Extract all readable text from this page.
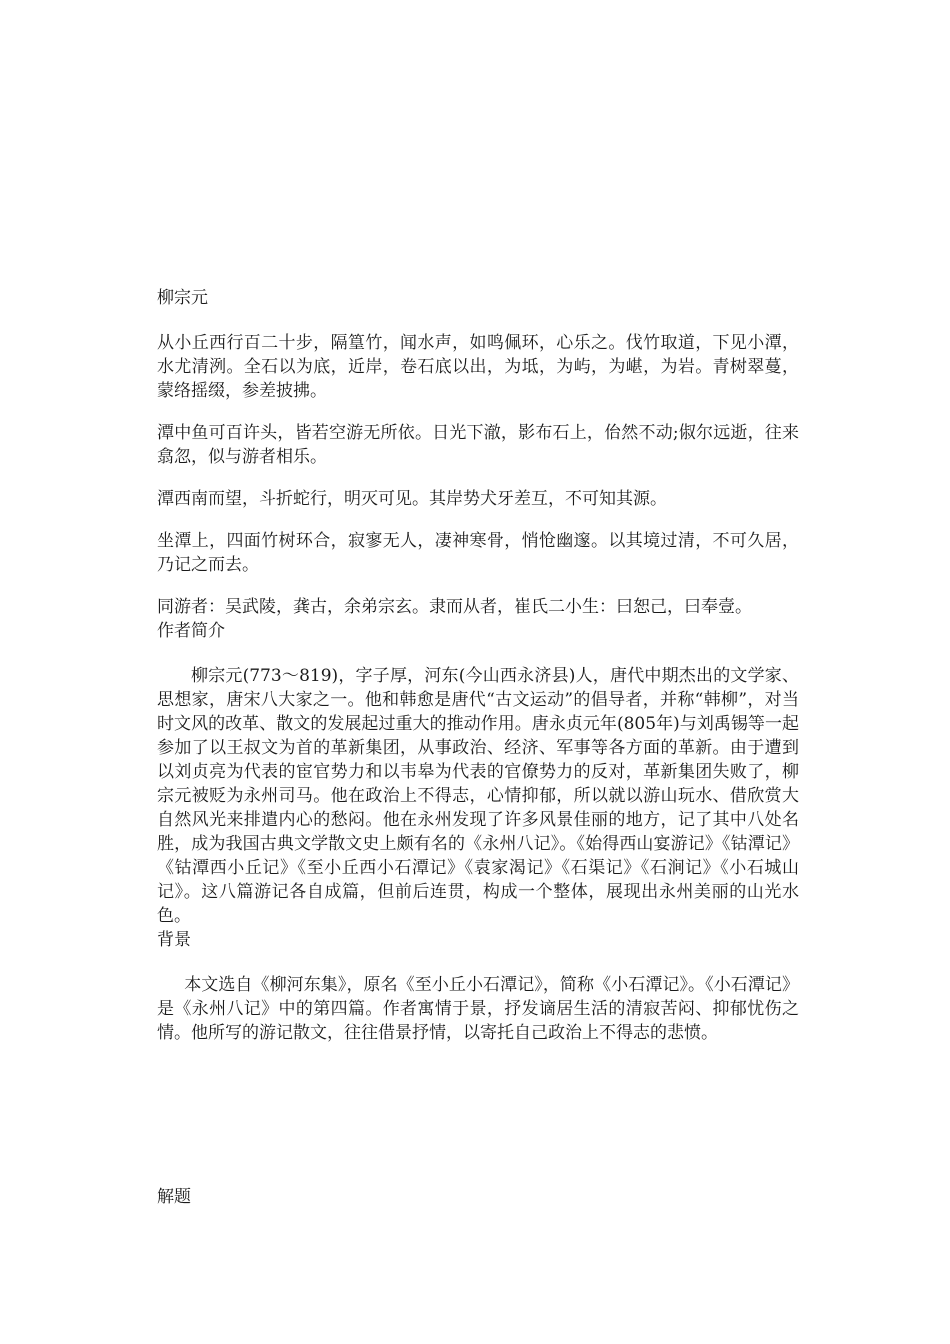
柳宗元

从小丘西行百二十步，隔篁竹，闻水声，如鸣佩环，心乐之。伐竹取道，下见小潭，水尤清洌。全石以为底，近岸，卷石底以出，为坻，为屿，为嵁，为岩。青树翠蔓，蒙络摇缀，参差披拂。

潭中鱼可百许头，皆若空游无所依。日光下澈，影布石上，佁然不动;俶尔远逝，往来翕忽，似与游者相乐。

潭西南而望，斗折蛇行，明灭可见。其岸势犬牙差互，不可知其源。

坐潭上，四面竹树环合，寂寥无人，凄神寒骨，悄怆幽邃。以其境过清，不可久居，乃记之而去。

同游者：吴武陵，龚古，余弟宗玄。隶而从者，崔氏二小生：曰恕己，曰奉壹。

作者简介

柳宗元(773～819)，字子厚，河东(今山西永济县)人，唐代中期杰出的文学家、思想家，唐宋八大家之一。他和韩愈是唐代“古文运动”的倡导者，并称“韩柳”，对当时文风的改革、散文的发展起过重大的推动作用。唐永贞元年(805年)与刘禹锡等一起参加了以王叔文为首的革新集团，从事政治、经济、军事等各方面的革新。由于遭到以刘贞亮为代表的宦官势力和以韦皋为代表的官僚势力的反对，革新集团失败了，柳宗元被贬为永州司马。他在政治上不得志，心情抑郁，所以就以游山玩水、借欣赏大自然风光来排遣内心的愁闷。他在永州发现了许多风景佳丽的地方，记了其中八处名胜，成为我国古典文学散文史上颇有名的《永州八记》。《始得西山宴游记》《钴潭记》《钴潭西小丘记》《至小丘西小石潭记》《袁家渴记》《石渠记》《石涧记》《小石城山记》。这八篇游记各自成篇，但前后连贯，构成一个整体，展现出永州美丽的山光水色。

背景

本文选自《柳河东集》，原名《至小丘小石潭记》，简称《小石潭记》。《小石潭记》是《永州八记》中的第四篇。作者寓情于景，抒发谪居生活的清寂苦闷、抑郁忧伤之情。他所写的游记散文，往往借景抒情，以寄托自己政治上不得志的悲愤。

解题
